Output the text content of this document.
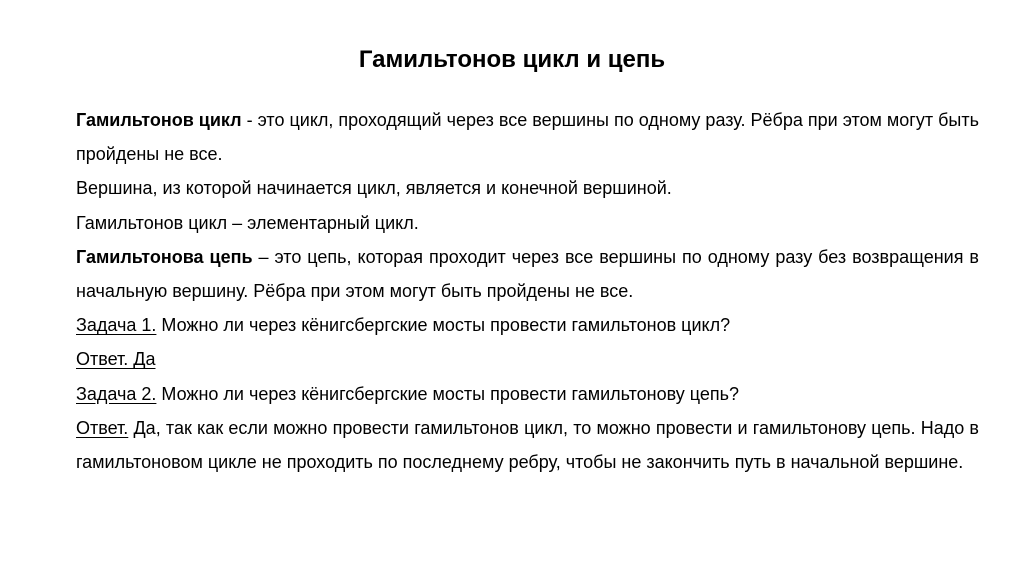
Гамильтонов цикл и цепь

Гамильтонов цикл - это цикл, проходящий через все вершины по одному разу. Рёбра при этом могут быть пройдены не все.

Вершина, из которой начинается цикл, является и конечной вершиной.

Гамильтонов цикл – элементарный цикл.

Гамильтонова цепь – это цепь, которая проходит через все вершины по одному разу без возвращения в начальную вершину. Рёбра при этом могут быть пройдены не все.

Задача 1. Можно ли через кёнигсбергские мосты провести гамильтонов цикл?

Ответ. Да

Задача 2. Можно ли через кёнигсбергские мосты провести гамильтонову цепь?

Ответ. Да, так как если можно провести гамильтонов цикл, то можно провести и гамильтонову цепь. Надо в гамильтоновом цикле не проходить по последнему ребру, чтобы не закончить путь в начальной вершине.
